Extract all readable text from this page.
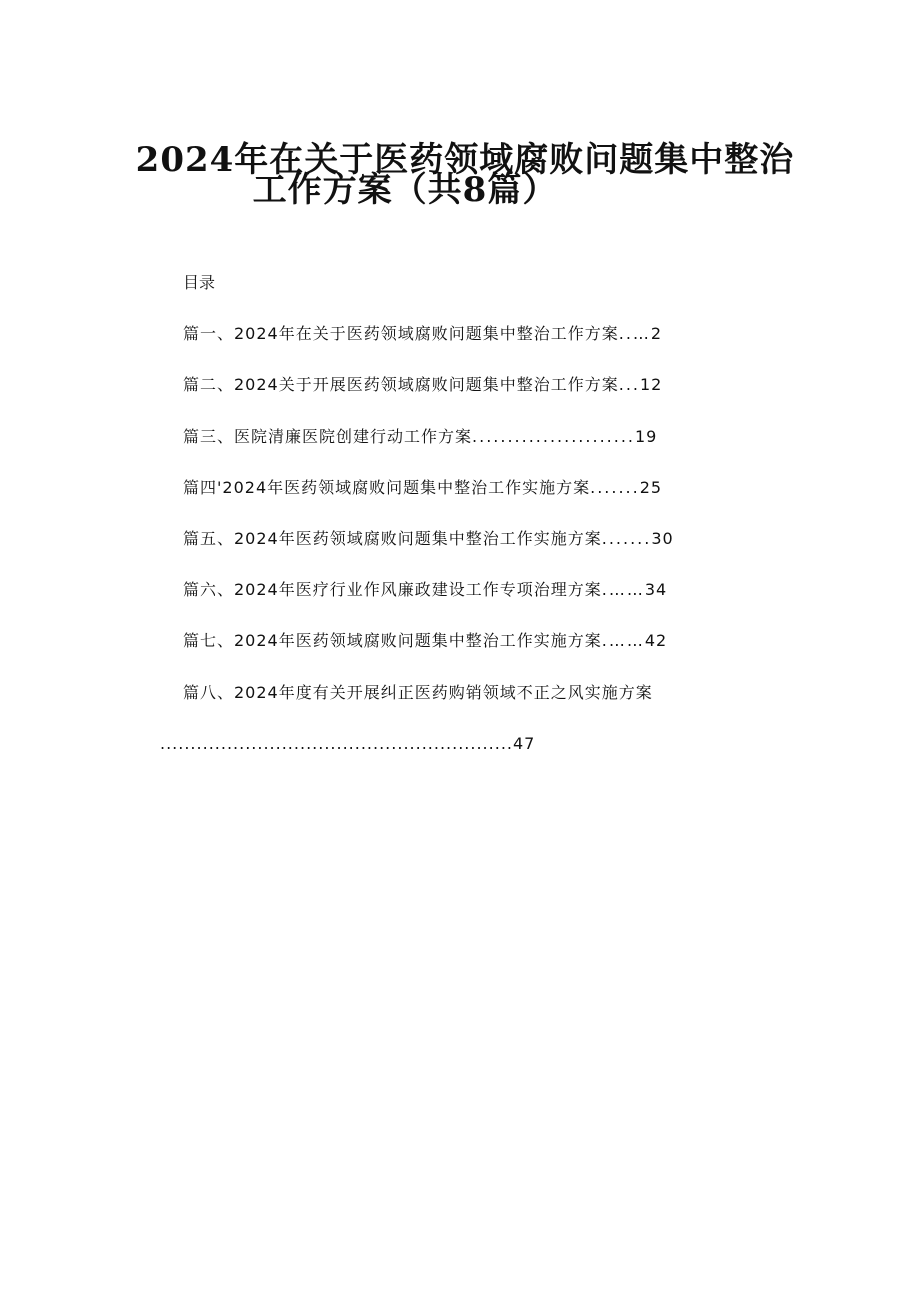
2024年在关于医药领域腐败问题集中整治
工作方案（共8篇）
目录
篇一、2024年在关于医药领域腐败问题集中整治工作方案..…2
篇二、2024关于开展医药领域腐败问题集中整治工作方案...12
篇三、医院清廉医院创建行动工作方案.......................19
篇四'2024年医药领域腐败问题集中整治工作实施方案.......25
篇五、2024年医药领域腐败问题集中整治工作实施方案.......30
篇六、2024年医疗行业作风廉政建设工作专项治理方案.……34
篇七、2024年医药领域腐败问题集中整治工作实施方案.……42
篇八、2024年度有关开展纠正医药购销领域不正之风实施方案
..........................................................47
